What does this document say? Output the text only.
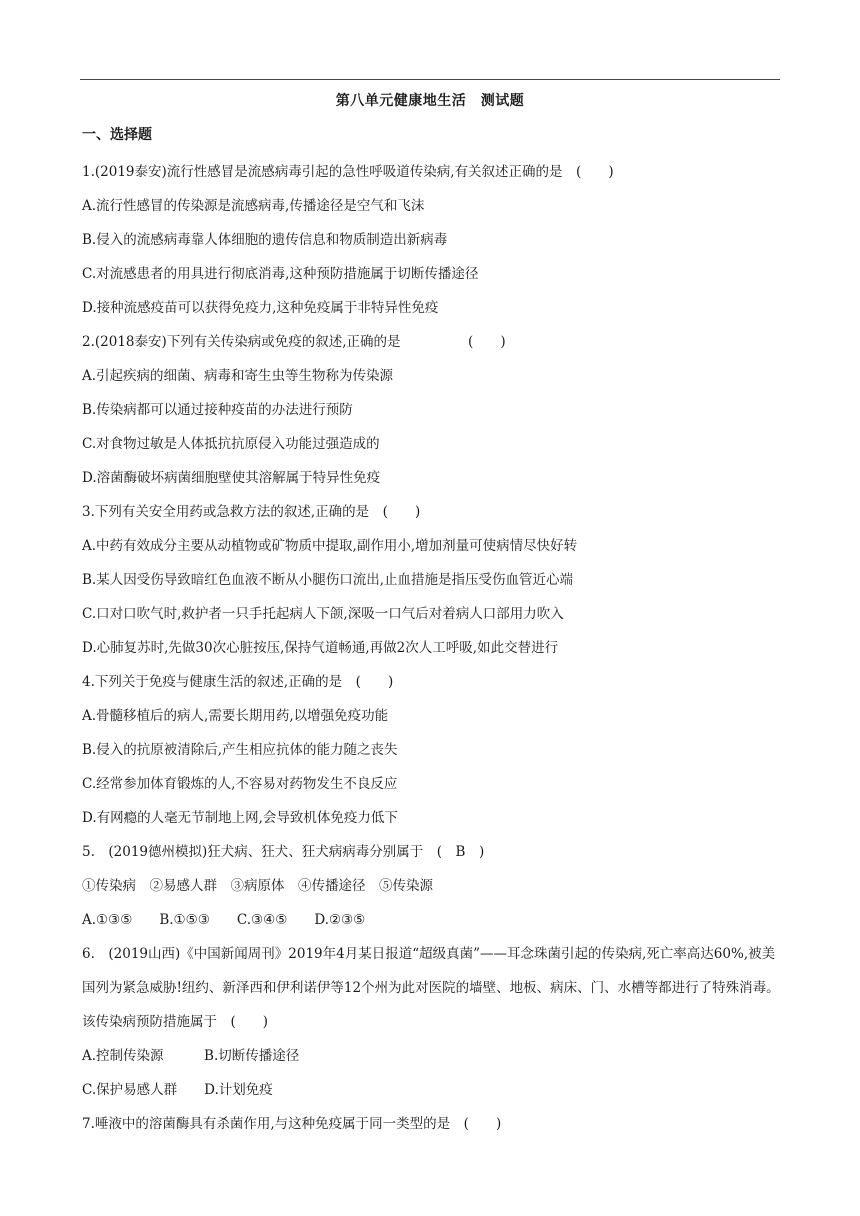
第八单元健康地生活　测试题
一、选择题
1.(2019泰安)流行性感冒是流感病毒引起的急性呼吸道传染病,有关叙述正确的是　(　　)
A.流行性感冒的传染源是流感病毒,传播途径是空气和飞沫
B.侵入的流感病毒靠人体细胞的遗传信息和物质制造出新病毒
C.对流感患者的用具进行彻底消毒,这种预防措施属于切断传播途径
D.接种流感疫苗可以获得免疫力,这种免疫属于非特异性免疫
2.(2018泰安)下列有关传染病或免疫的叙述,正确的是　　　　　(　　)
A.引起疾病的细菌、病毒和寄生虫等生物称为传染源
B.传染病都可以通过接种疫苗的办法进行预防
C.对食物过敏是人体抵抗抗原侵入功能过强造成的
D.溶菌酶破坏病菌细胞壁使其溶解属于特异性免疫
3.下列有关安全用药或急救方法的叙述,正确的是　(　　)
A.中药有效成分主要从动植物或矿物质中提取,副作用小,增加剂量可使病情尽快好转
B.某人因受伤导致暗红色血液不断从小腿伤口流出,止血措施是指压受伤血管近心端
C.口对口吹气时,救护者一只手托起病人下颌,深吸一口气后对着病人口部用力吹入
D.心肺复苏时,先做30次心脏按压,保持气道畅通,再做2次人工呼吸,如此交替进行
4.下列关于免疫与健康生活的叙述,正确的是　(　　)
A.骨髓移植后的病人,需要长期用药,以增强免疫功能
B.侵入的抗原被清除后,产生相应抗体的能力随之丧失
C.经常参加体育锻炼的人,不容易对药物发生不良反应
D.有网瘾的人毫无节制地上网,会导致机体免疫力低下
5.　(2019德州模拟)狂犬病、狂犬、狂犬病病毒分别属于　(　B　)
①传染病　②易感人群　③病原体　④传播途径　⑤传染源
A.①③⑤　　B.①⑤③　　C.③④⑤　　D.②③⑤
6.　(2019山西)《中国新闻周刊》2019年4月某日报道“超级真菌”——耳念珠菌引起的传染病,死亡率高达60%,被美国列为紧急威胁!纽约、新泽西和伊利诺伊等12个州为此对医院的墙壁、地板、病床、门、水槽等都进行了特殊消毒。该传染病预防措施属于　(　　)
A.控制传染源　　　B.切断传播途径
C.保护易感人群　　D.计划免疫
7.唾液中的溶菌酶具有杀菌作用,与这种免疫属于同一类型的是　(　　)
